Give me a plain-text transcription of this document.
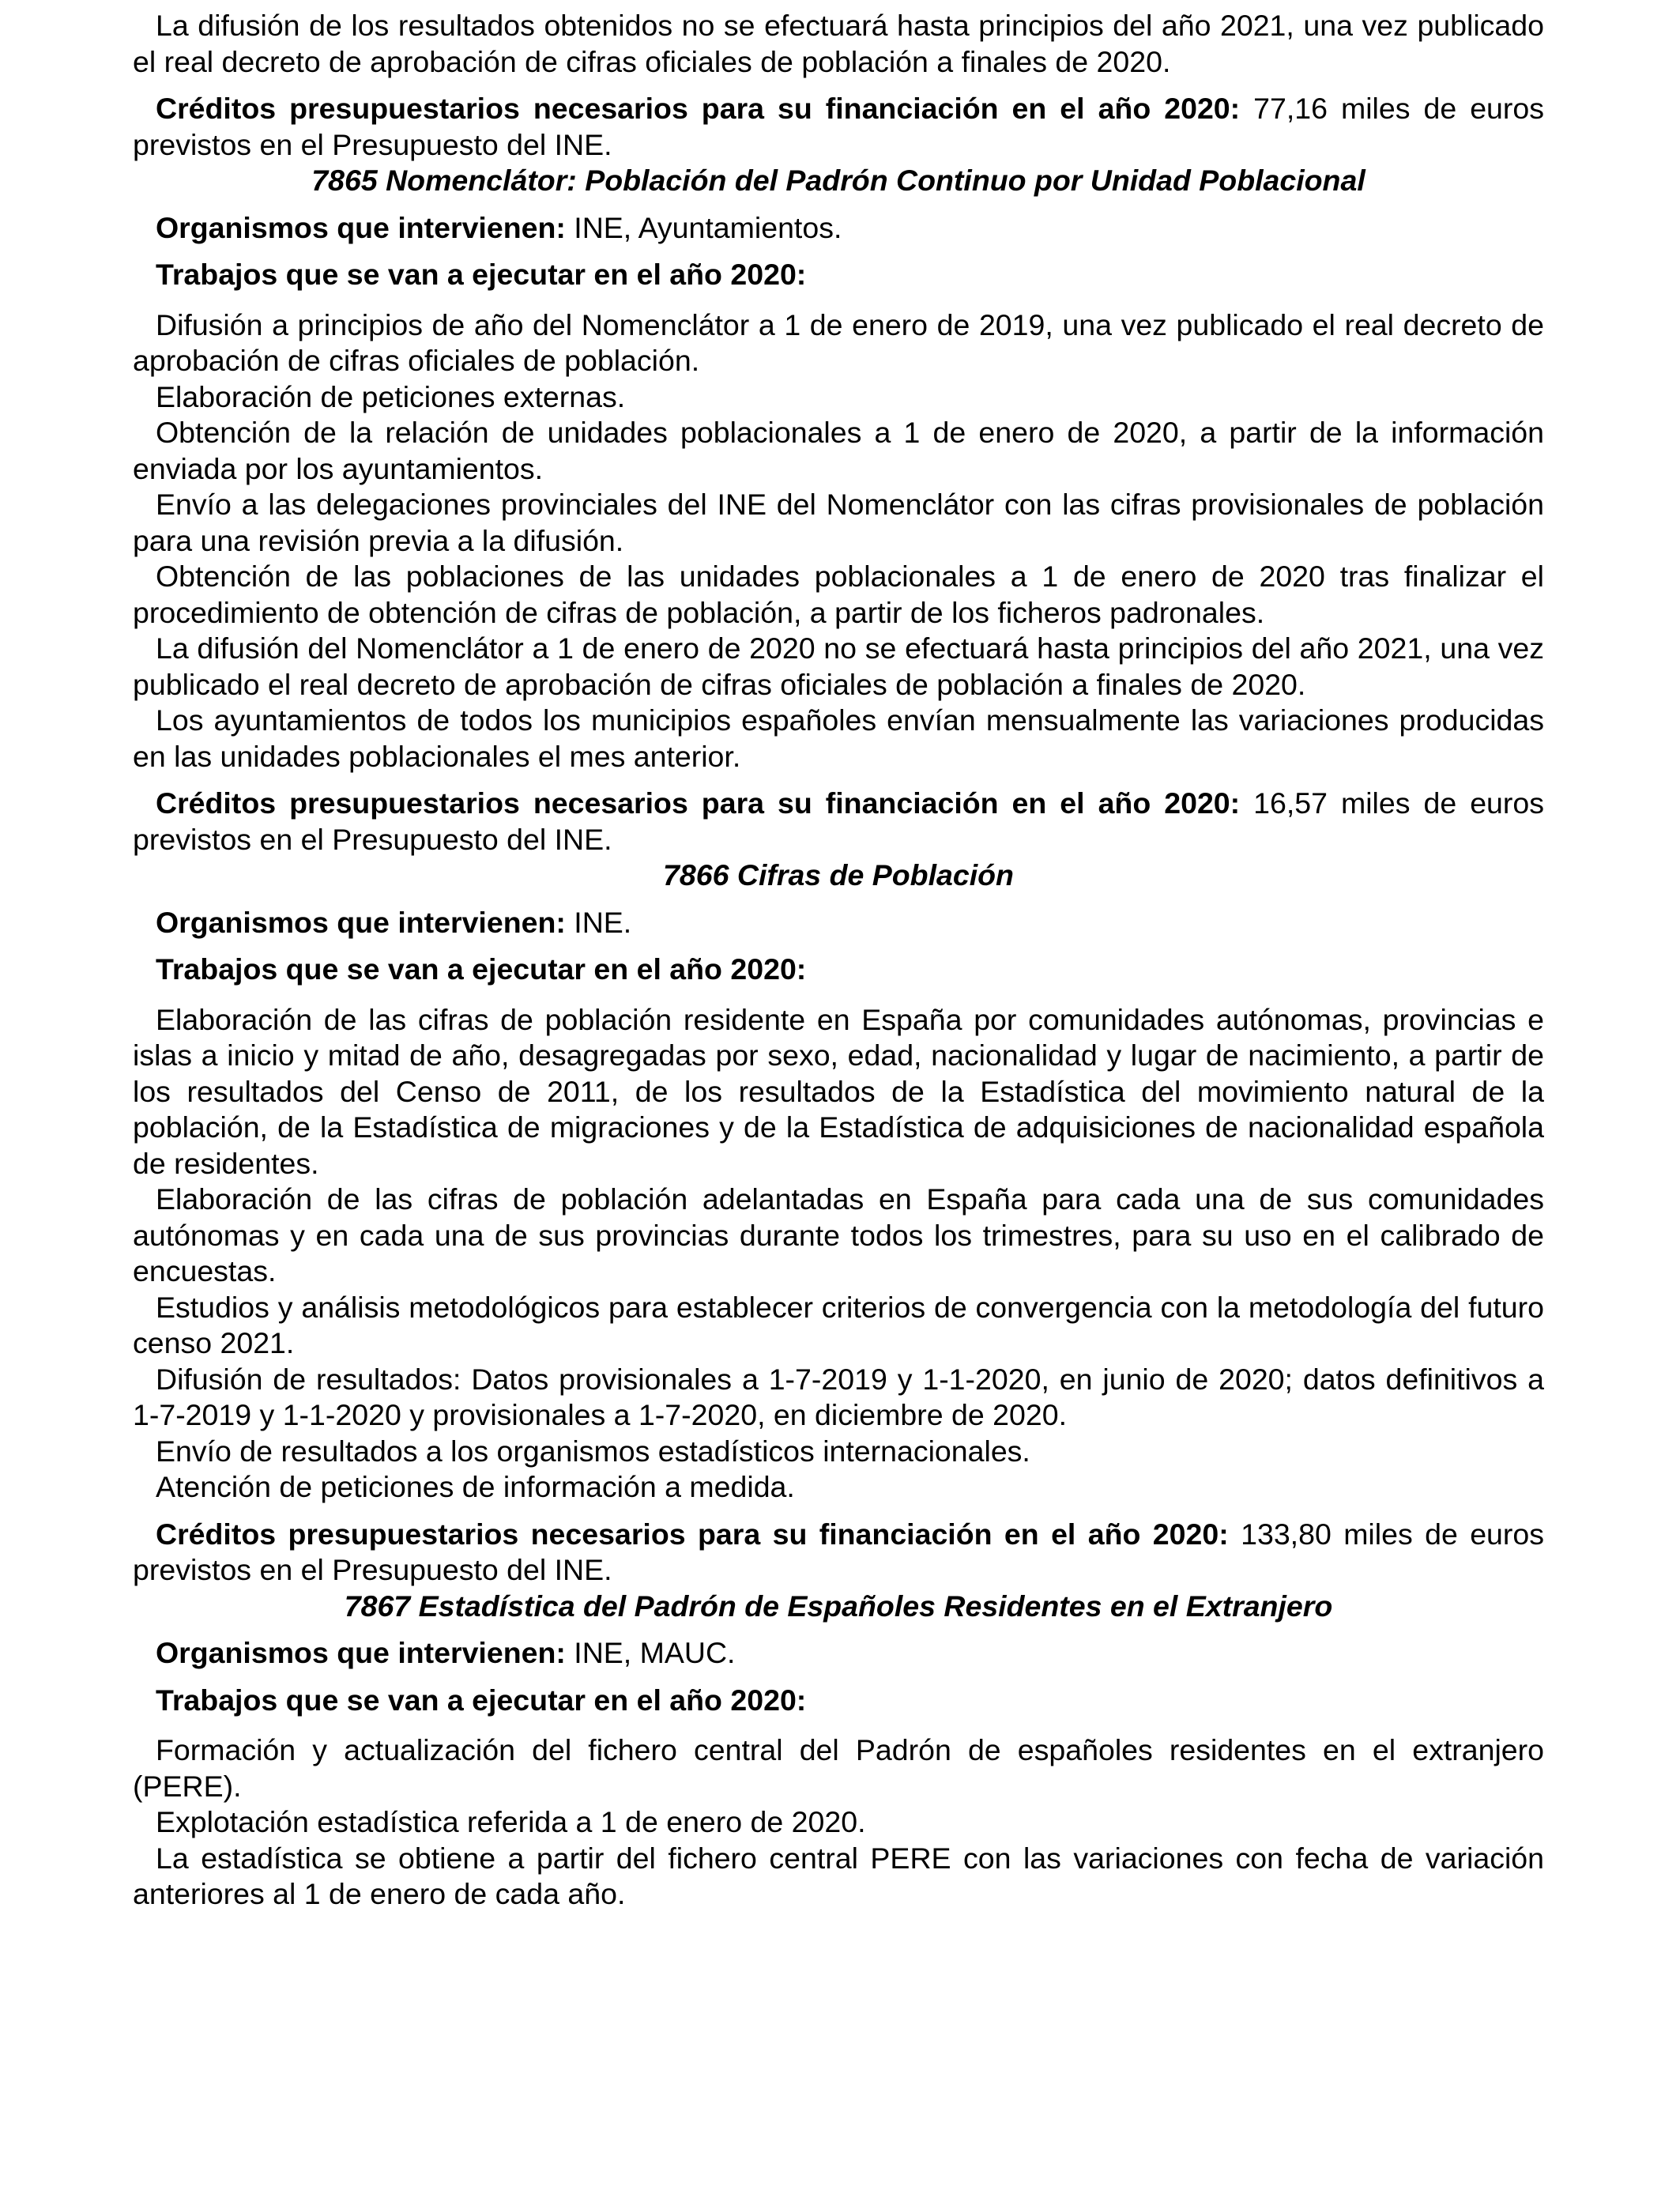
La difusión de los resultados obtenidos no se efectuará hasta principios del año 2021, una vez publicado el real decreto de aprobación de cifras oficiales de población a finales de 2020.

Créditos presupuestarios necesarios para su financiación en el año 2020: 77,16 miles de euros previstos en el Presupuesto del INE.

7865 Nomenclátor: Población del Padrón Continuo por Unidad Poblacional

Organismos que intervienen: INE, Ayuntamientos.

Trabajos que se van a ejecutar en el año 2020:

Difusión a principios de año del Nomenclátor a 1 de enero de 2019, una vez publicado el real decreto de aprobación de cifras oficiales de población.

Elaboración de peticiones externas.

Obtención de la relación de unidades poblacionales a 1 de enero de 2020, a partir de la información enviada por los ayuntamientos.

Envío a las delegaciones provinciales del INE del Nomenclátor con las cifras provisionales de población para una revisión previa a la difusión.

Obtención de las poblaciones de las unidades poblacionales a 1 de enero de 2020 tras finalizar el procedimiento de obtención de cifras de población, a partir de los ficheros padronales.

La difusión del Nomenclátor a 1 de enero de 2020 no se efectuará hasta principios del año 2021, una vez publicado el real decreto de aprobación de cifras oficiales de población a finales de 2020.

Los ayuntamientos de todos los municipios españoles envían mensualmente las variaciones producidas en las unidades poblacionales el mes anterior.

Créditos presupuestarios necesarios para su financiación en el año 2020: 16,57 miles de euros previstos en el Presupuesto del INE.

7866 Cifras de Población

Organismos que intervienen: INE.

Trabajos que se van a ejecutar en el año 2020:

Elaboración de las cifras de población residente en España por comunidades autónomas, provincias e islas a inicio y mitad de año, desagregadas por sexo, edad, nacionalidad y lugar de nacimiento, a partir de los resultados del Censo de 2011, de los resultados de la Estadística del movimiento natural de la población, de la Estadística de migraciones y de la Estadística de adquisiciones de nacionalidad española de residentes.

Elaboración de las cifras de población adelantadas en España para cada una de sus comunidades autónomas y en cada una de sus provincias durante todos los trimestres, para su uso en el calibrado de encuestas.

Estudios y análisis metodológicos para establecer criterios de convergencia con la metodología del futuro censo 2021.

Difusión de resultados: Datos provisionales a 1-7-2019 y 1-1-2020, en junio de 2020; datos definitivos a 1-7-2019 y 1-1-2020 y provisionales a 1-7-2020, en diciembre de 2020.

Envío de resultados a los organismos estadísticos internacionales.

Atención de peticiones de información a medida.

Créditos presupuestarios necesarios para su financiación en el año 2020: 133,80 miles de euros previstos en el Presupuesto del INE.

7867 Estadística del Padrón de Españoles Residentes en el Extranjero

Organismos que intervienen: INE, MAUC.

Trabajos que se van a ejecutar en el año 2020:

Formación y actualización del fichero central del Padrón de españoles residentes en el extranjero (PERE).

Explotación estadística referida a 1 de enero de 2020.

La estadística se obtiene a partir del fichero central PERE con las variaciones con fecha de variación anteriores al 1 de enero de cada año.
